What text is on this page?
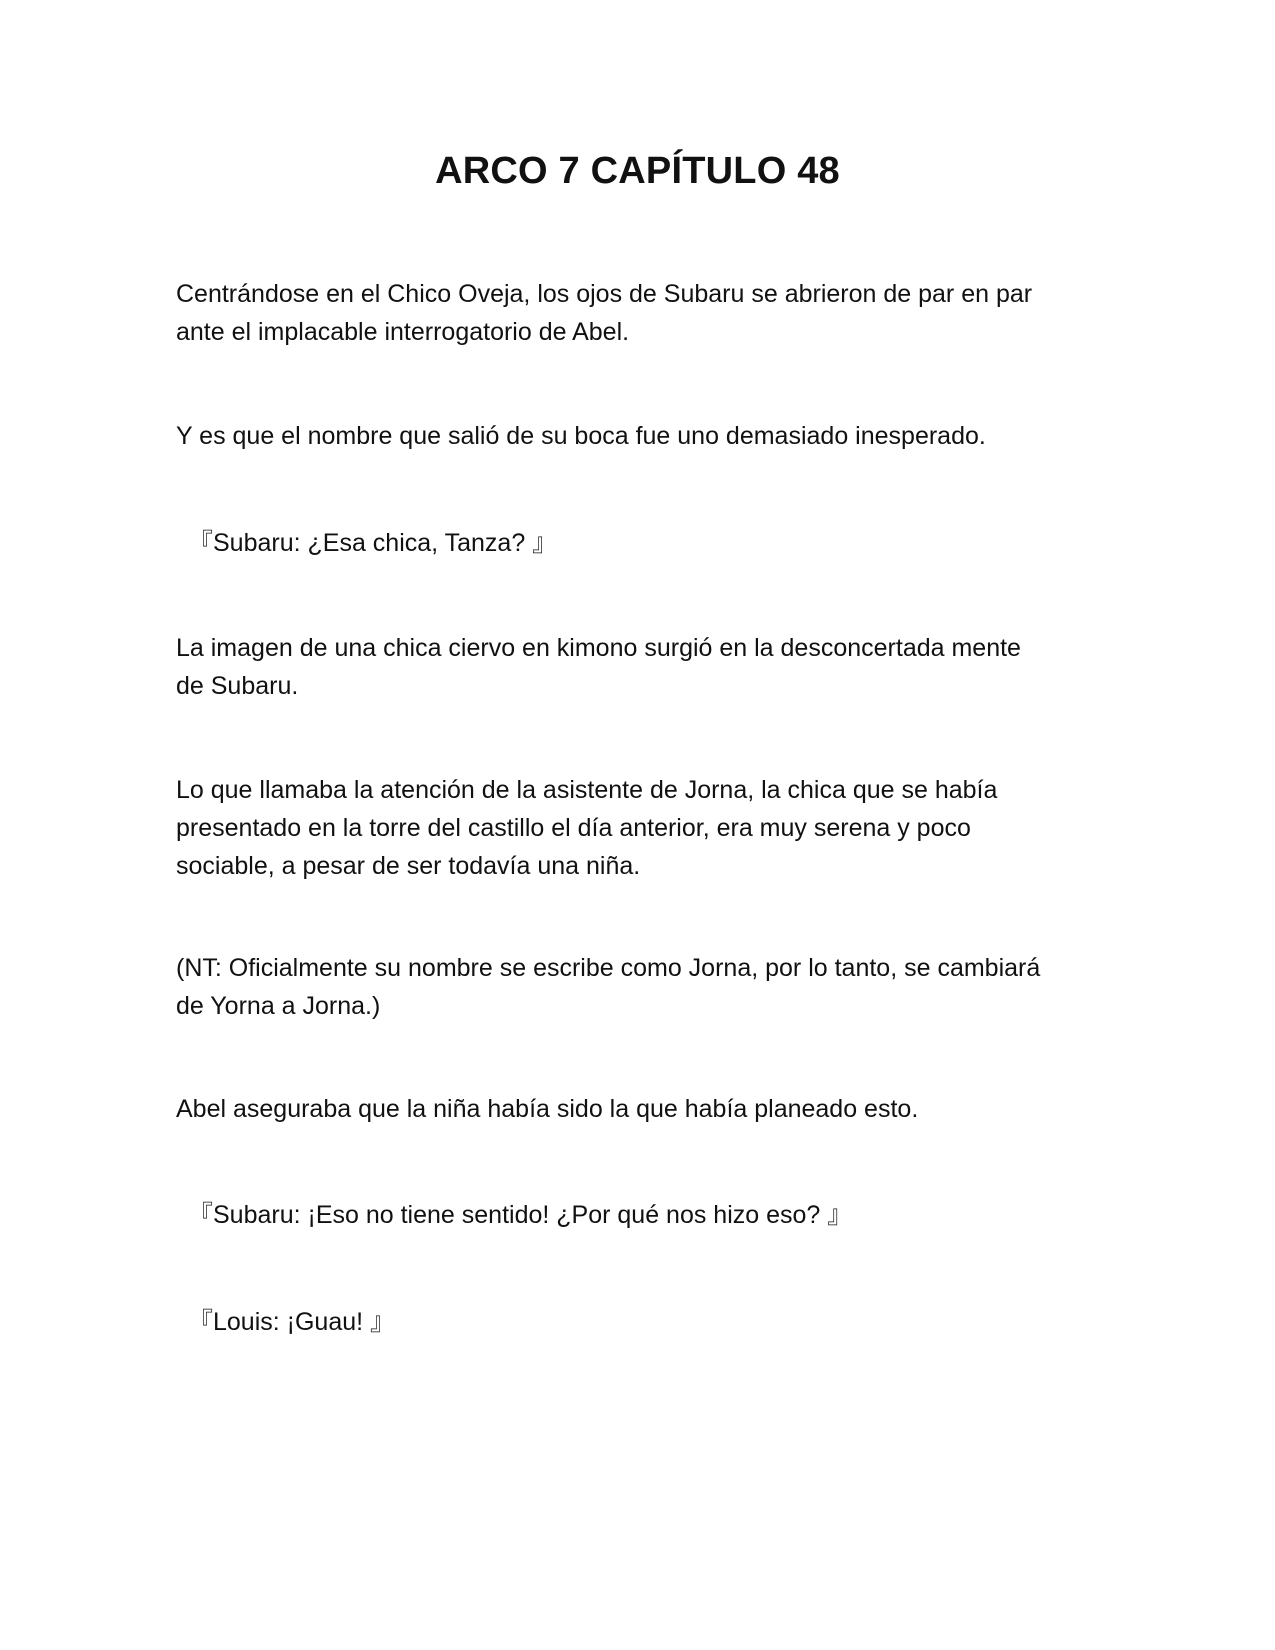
ARCO 7 CAPÍTULO 48

Centrándose en el Chico Oveja, los ojos de Subaru se abrieron de par en par
ante el implacable interrogatorio de Abel.

Y es que el nombre que salió de su boca fue uno demasiado inesperado.

『Subaru: ¿Esa chica, Tanza? 』

La imagen de una chica ciervo en kimono surgió en la desconcertada mente
de Subaru.

Lo que llamaba la atención de la asistente de Jorna, la chica que se había
presentado en la torre del castillo el día anterior, era muy serena y poco
sociable, a pesar de ser todavía una niña.

(NT: Oficialmente su nombre se escribe como Jorna, por lo tanto, se cambiará
de Yorna a Jorna.)

Abel aseguraba que la niña había sido la que había planeado esto.

『Subaru: ¡Eso no tiene sentido! ¿Por qué nos hizo eso? 』

『Louis: ¡Guau! 』
